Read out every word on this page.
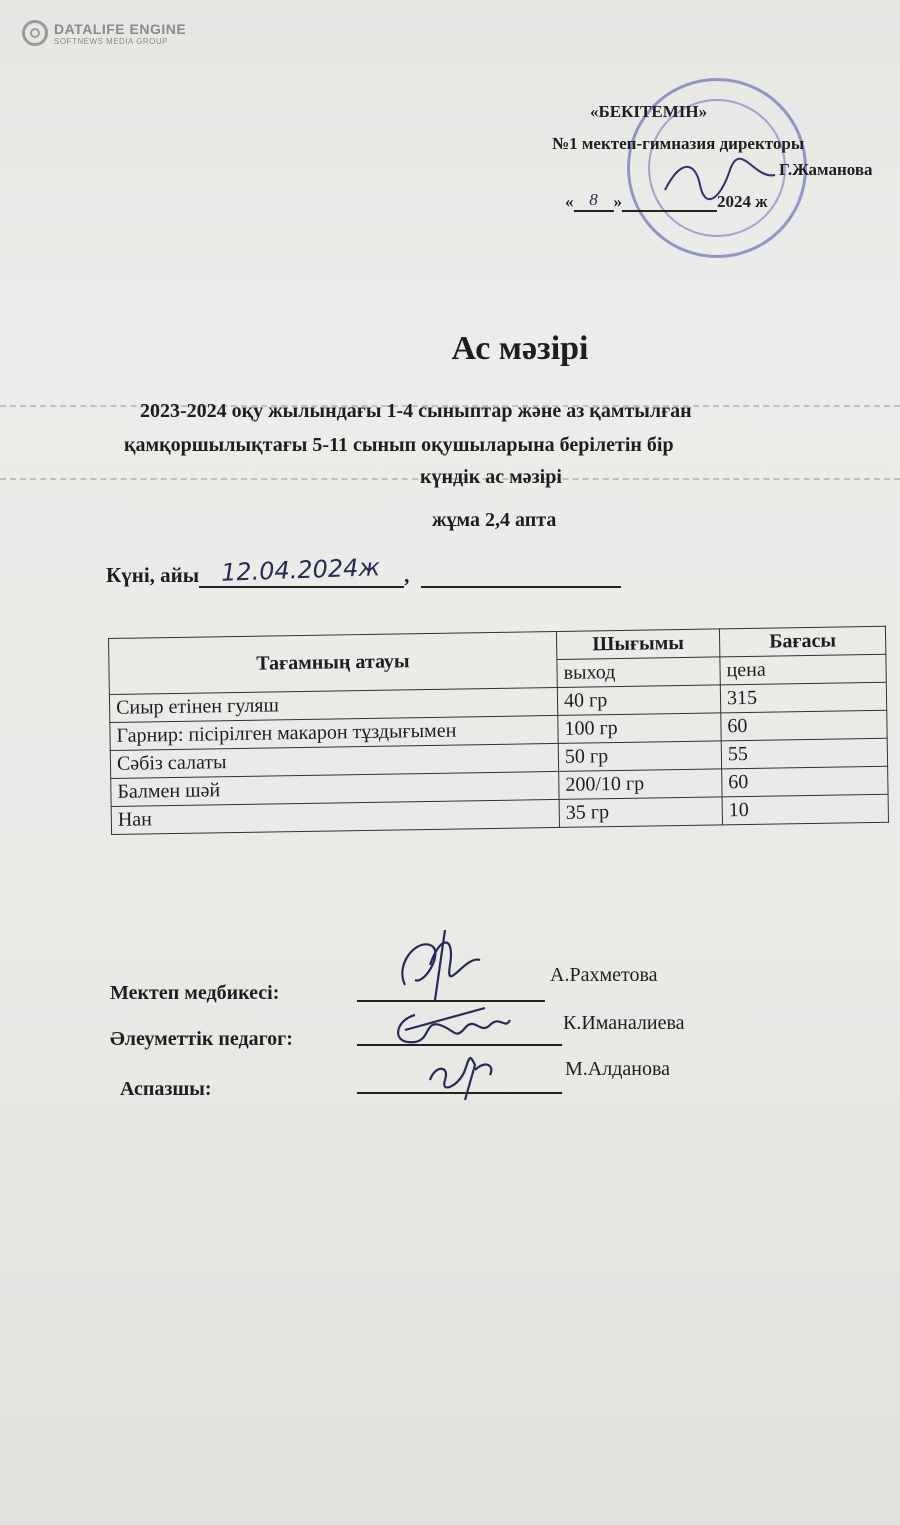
DATALIFE ENGINE
SOFTNEWS MEDIA GROUP
«БЕКІТЕМІН»
№1 мектеп-гимназия директоры
Г.Жаманова
« 8 »	2024 ж
Ас мәзірі
2023-2024 оқу жылындағы 1-4 сыныптар және аз қамтылған
қамқоршылықтағы 5-11 сынып оқушыларына берілетін бір
күндік ас мәзірі
жұма 2,4 апта
Күні, айы 12.04.2024ж ,
Тағамның атауы	Шығымы	Бағасы
	выход	цена
Сиыр етінен гуляш	40 гр	315
Гарнир: пісірілген макарон тұздығымен	100 гр	60
Сәбіз салаты	50 гр	55
Балмен шәй	200/10 гр	60
Нан	35 гр	10
Мектеп медбикесі:
А.Рахметова
Әлеуметтік педагог:
К.Иманалиева
Аспазшы:
М.Алданова
